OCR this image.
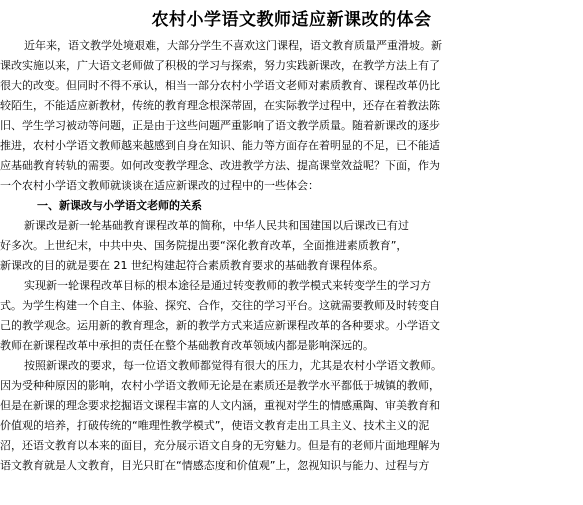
农村小学语文教师适应新课改的体会
近年来，语文教学处境艰难，大部分学生不喜欢这门课程，语文教育质量严重滑坡。新
课改实施以来，广大语文老师做了积极的学习与探索，努力实践新课改，在教学方法上有了
很大的改变。但同时不得不承认，相当一部分农村小学语文老师对素质教育、课程改革仍比
较陌生，不能适应新教材，传统的教育理念根深蒂固，在实际教学过程中，还存在着教法陈
旧、学生学习被动等问题，正是由于这些问题严重影响了语文教学质量。随着新课改的逐步
推进，农村小学语文教师越来越感到自身在知识、能力等方面存在着明显的不足，已不能适
应基础教育转轨的需要。如何改变教学理念、改进教学方法、提高课堂效益呢？下面，作为
一个农村小学语文教师就谈谈在适应新课改的过程中的一些体会：
一、新课改与小学语文老师的关系
新课改是新一轮基础教育课程改革的简称，中华人民共和国建国以后课改已有过
好多次。上世纪末，中共中央、国务院提出要“深化教育改革，全面推进素质教育”，
新课改的目的就是要在 21 世纪构建起符合素质教育要求的基础教育课程体系。
实现新一轮课程改革目标的根本途径是通过转变教师的教学模式来转变学生的学习方
式。为学生构建一个自主、体验、探究、合作，交往的学习平台。这就需要教师及时转变自
己的教学观念。运用新的教育理念，新的教学方式来适应新课程改革的各种要求。小学语文
教师在新课程改革中承担的责任在整个基础教育改革领域内都是影响深远的。
按照新课改的要求，每一位语文教师都觉得有很大的压力，尤其是农村小学语文教师。
因为受种种原因的影响，农村小学语文教师无论是在素质还是教学水平都低于城镇的教师，
但是在新课的理念要求挖掘语文课程丰富的人文内涵，重视对学生的情感熏陶、审美教育和
价值观的培养，打破传统的“唯理性教学模式”，使语文教育走出工具主义、技术主义的泥
沼，还语文教育以本来的面目，充分展示语文自身的无穷魅力。但是有的老师片面地理解为
语文教育就是人文教育，目光只盯在“情感态度和价值观”上，忽视知识与能力、过程与方
